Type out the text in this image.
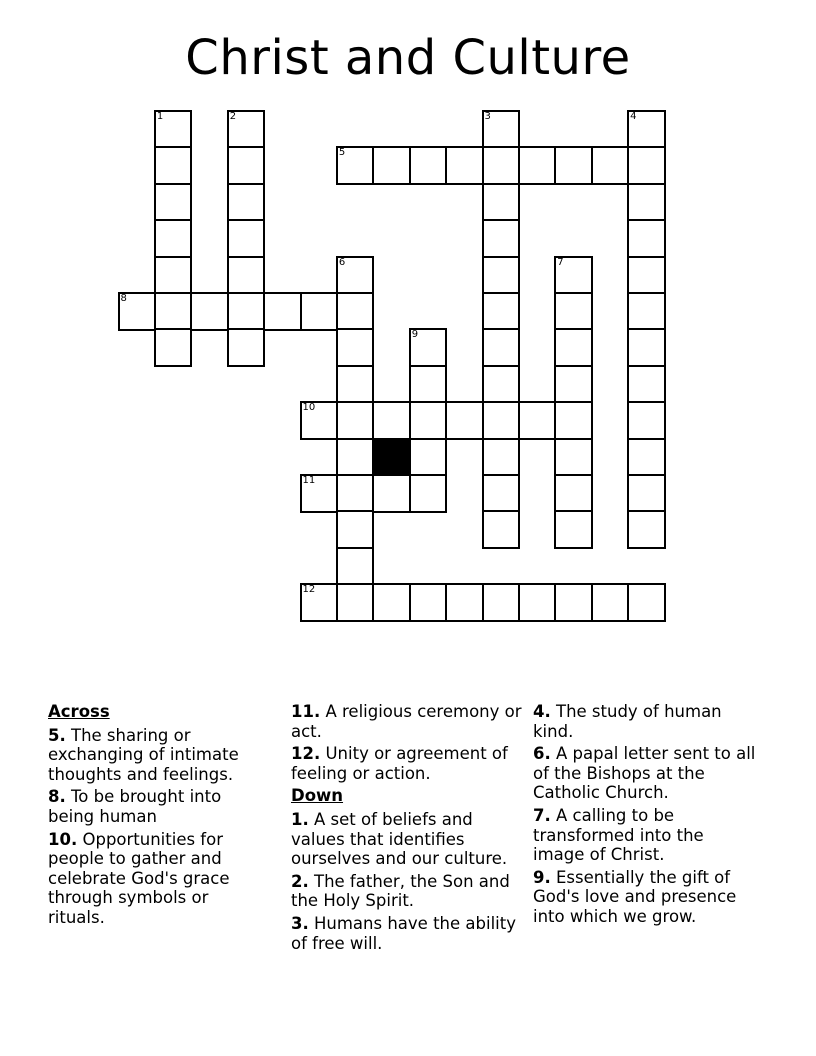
Christ and Culture
1	2	3	4
5
6	7
8
9
10
11
12
Across
5. The sharing or exchanging of intimate thoughts and feelings.
8. To be brought into being human
10. Opportunities for people to gather and celebrate God's grace through symbols or rituals.
11. A religious ceremony or act.
12. Unity or agreement of feeling or action.
Down
1. A set of beliefs and values that identifies ourselves and our culture.
2. The father, the Son and the Holy Spirit.
3. Humans have the ability of free will.
4. The study of human kind.
6. A papal letter sent to all of the Bishops at the Catholic Church.
7. A calling to be transformed into the image of Christ.
9. Essentially the gift of God's love and presence into which we grow.
